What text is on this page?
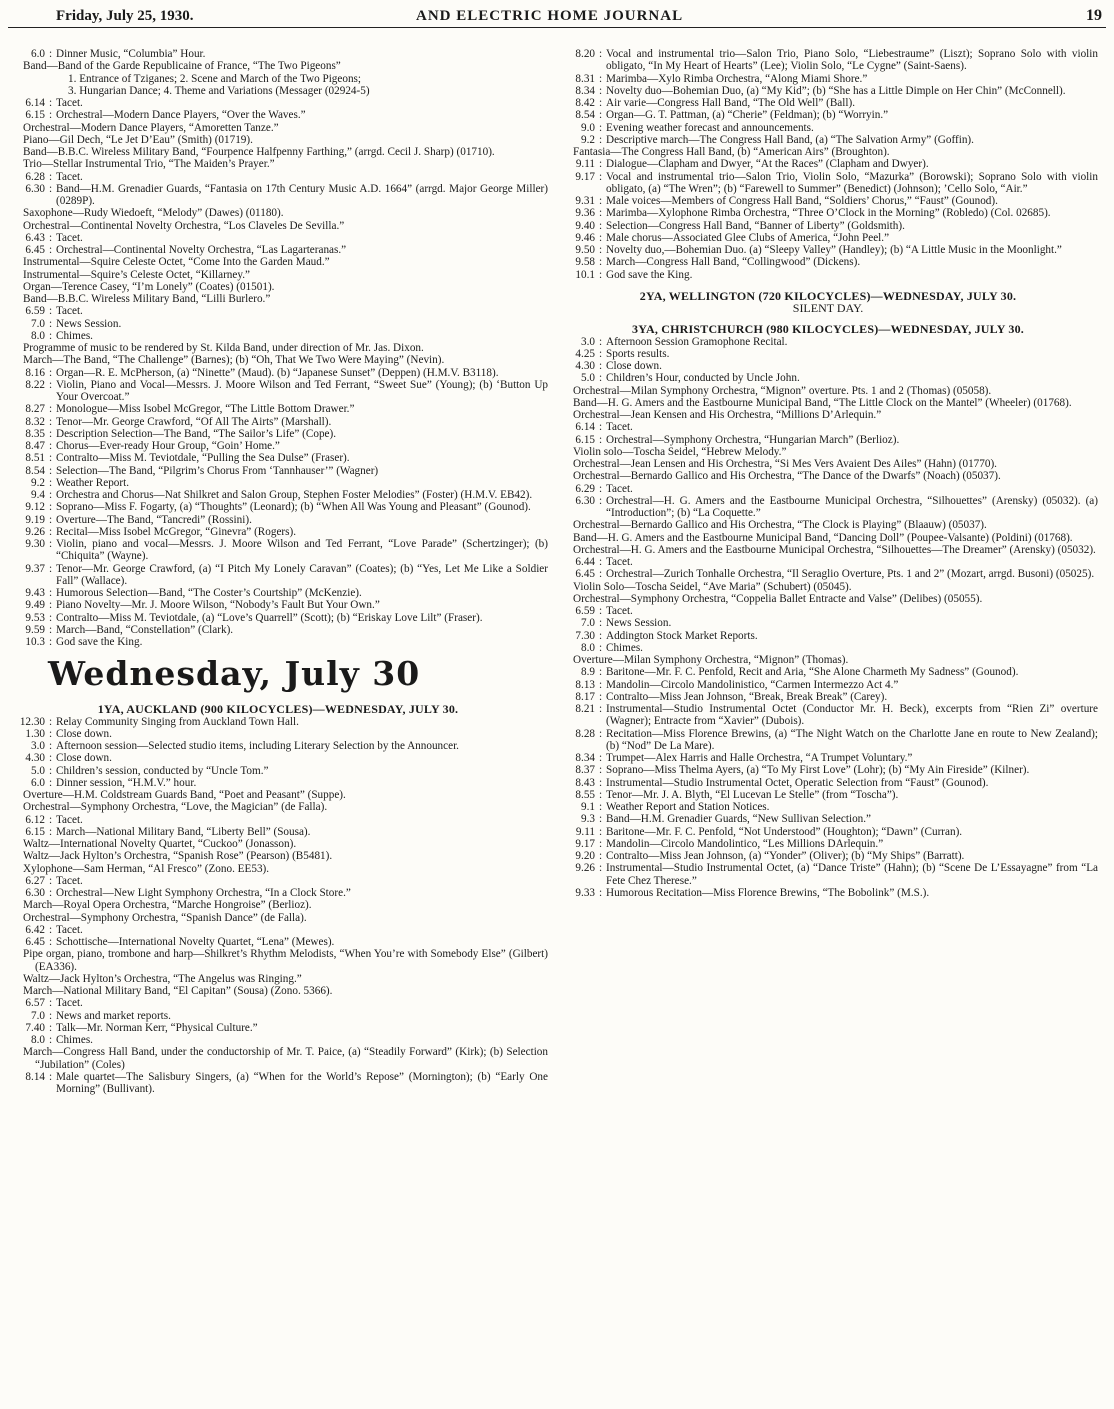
Friday, July 25, 1930.	AND ELECTRIC HOME JOURNAL	19
6.0 : Dinner Music, “Columbia” Hour.
Band—Band of the Garde Republicaine of France, “The Two Pigeons”
1. Entrance of Tziganes; 2. Scene and March of the Two Pigeons;
3. Hungarian Dance; 4. Theme and Variations (Messager (02924-5)
6.14 : Tacet.
6.15 : Orchestral—Modern Dance Players, “Over the Waves.”
Orchestral—Modern Dance Players, “Amoretten Tanze.”
Piano—Gil Dech, “Le Jet D’Eau” (Smith) (01719).
Band—B.B.C. Wireless Military Band, “Fourpence Halfpenny Farthing,” (arrgd. Cecil J. Sharp) (01710).
Trio—Stellar Instrumental Trio, “The Maiden’s Prayer.”
6.28 : Tacet.
6.30 : Band—H.M. Grenadier Guards, “Fantasia on 17th Century Music A.D. 1664” (arrgd. Major George Miller) (0289P).
Saxophone—Rudy Wiedoeft, “Melody” (Dawes) (01180).
Orchestral—Continental Novelty Orchestra, “Los Claveles De Sevilla.”
6.43 : Tacet.
6.45 : Orchestral—Continental Novelty Orchestra, “Las Lagarteranas.”
Instrumental—Squire Celeste Octet, “Come Into the Garden Maud.”
Instrumental—Squire’s Celeste Octet, “Killarney.”
Organ—Terence Casey, “I’m Lonely” (Coates) (01501).
Band—B.B.C. Wireless Military Band, “Lilli Burlero.”
6.59 : Tacet.
7.0 : News Session.
8.0 : Chimes.
Programme of music to be rendered by St. Kilda Band, under direction of Mr. Jas. Dixon.
March—The Band, “The Challenge” (Barnes); (b) “Oh, That We Two Were Maying” (Nevin).
8.16 : Organ—R. E. McPherson, (a) “Ninette” (Maud). (b) “Japanese Sunset” (Deppen) (H.M.V. B3118).
8.22 : Violin, Piano and Vocal—Messrs. J. Moore Wilson and Ted Ferrant, “Sweet Sue” (Young); (b) ‘Button Up Your Overcoat.”
8.27 : Monologue—Miss Isobel McGregor, “The Little Bottom Drawer.”
8.32 : Tenor—Mr. George Crawford, “Of All The Airts” (Marshall).
8.35 : Description Selection—The Band, “The Sailor’s Life” (Cope).
8.47 : Chorus—Ever-ready Hour Group, “Goin’ Home.”
8.51 : Contralto—Miss M. Teviotdale, “Pulling the Sea Dulse” (Fraser).
8.54 : Selection—The Band, “Pilgrim’s Chorus From ‘Tannhauser’” (Wagner)
9.2 : Weather Report.
9.4 : Orchestra and Chorus—Nat Shilkret and Salon Group, Stephen Foster Melodies” (Foster) (H.M.V. EB42).
9.12 : Soprano—Miss F. Fogarty, (a) “Thoughts” (Leonard); (b) “When All Was Young and Pleasant” (Gounod).
9.19 : Overture—The Band, “Tancredi” (Rossini).
9.26 : Recital—Miss Isobel McGregor, “Ginevra” (Rogers).
9.30 : Violin, piano and vocal—Messrs. J. Moore Wilson and Ted Ferrant, “Love Parade” (Schertzinger); (b) “Chiquita” (Wayne).
9.37 : Tenor—Mr. George Crawford, (a) “I Pitch My Lonely Caravan” (Coates); (b) “Yes, Let Me Like a Soldier Fall” (Wallace).
9.43 : Humorous Selection—Band, “The Coster’s Courtship” (McKenzie).
9.49 : Piano Novelty—Mr. J. Moore Wilson, “Nobody’s Fault But Your Own.”
9.53 : Contralto—Miss M. Teviotdale, (a) “Love’s Quarrell” (Scott); (b) “Eriskay Love Lilt” (Fraser).
9.59 : March—Band, “Constellation” (Clark).
10.3 : God save the King.
Wednesday, July 30
1YA, AUCKLAND (900 KILOCYCLES)—WEDNESDAY, JULY 30.
12.30 : Relay Community Singing from Auckland Town Hall.
1.30 : Close down.
3.0 : Afternoon session—Selected studio items, including Literary Selection by the Announcer.
4.30 : Close down.
5.0 : Children’s session, conducted by “Uncle Tom.”
6.0 : Dinner session, “H.M.V.” hour.
Overture—H.M. Coldstream Guards Band, “Poet and Peasant” (Suppe).
Orchestral—Symphony Orchestra, “Love, the Magician” (de Falla).
6.12 : Tacet.
6.15 : March—National Military Band, “Liberty Bell” (Sousa).
Waltz—International Novelty Quartet, “Cuckoo” (Jonasson).
Waltz—Jack Hylton’s Orchestra, “Spanish Rose” (Pearson) (B5481).
Xylophone—Sam Herman, “Al Fresco” (Zono. EE53).
6.27 : Tacet.
6.30 : Orchestral—New Light Symphony Orchestra, “In a Clock Store.”
March—Royal Opera Orchestra, “Marche Hongroise” (Berlioz).
Orchestral—Symphony Orchestra, “Spanish Dance” (de Falla).
6.42 : Tacet.
6.45 : Schottische—International Novelty Quartet, “Lena” (Mewes).
Pipe organ, piano, trombone and harp—Shilkret’s Rhythm Melodists, “When You’re with Somebody Else” (Gilbert) (EA336).
Waltz—Jack Hylton’s Orchestra, “The Angelus was Ringing.”
March—National Military Band, “El Capitan” (Sousa) (Zono. 5366).
6.57 : Tacet.
7.0 : News and market reports.
7.40 : Talk—Mr. Norman Kerr, “Physical Culture.”
8.0 : Chimes.
March—Congress Hall Band, under the conductorship of Mr. T. Paice, (a) “Steadily Forward” (Kirk); (b) Selection “Jubilation” (Coles)
8.14 : Male quartet—The Salisbury Singers, (a) “When for the World’s Repose” (Mornington); (b) “Early One Morning” (Bullivant).
8.20 : Vocal and instrumental trio—Salon Trio, Piano Solo, “Liebestraume” (Liszt); Soprano Solo with violin obligato, “In My Heart of Hearts” (Lee); Violin Solo, “Le Cygne” (Saint-Saens).
8.31 : Marimba—Xylo Rimba Orchestra, “Along Miami Shore.”
8.34 : Novelty duo—Bohemian Duo, (a) “My Kid”; (b) “She has a Little Dimple on Her Chin” (McConnell).
8.42 : Air varie—Congress Hall Band, “The Old Well” (Ball).
8.54 : Organ—G. T. Pattman, (a) “Cherie” (Feldman); (b) “Worryin.”
9.0 : Evening weather forecast and announcements.
9.2 : Descriptive march—The Congress Hall Band, (a) “The Salvation Army” (Goffin).
Fantasia—The Congress Hall Band, (b) “American Airs” (Broughton).
9.11 : Dialogue—Clapham and Dwyer, “At the Races” (Clapham and Dwyer).
9.17 : Vocal and instrumental trio—Salon Trio, Violin Solo, “Mazurka” (Borowski); Soprano Solo with violin obligato, (a) “The Wren”; (b) “Farewell to Summer” (Benedict) (Johnson); ’Cello Solo, “Air.”
9.31 : Male voices—Members of Congress Hall Band, “Soldiers’ Chorus,” “Faust” (Gounod).
9.36 : Marimba—Xylophone Rimba Orchestra, “Three O’Clock in the Morning” (Robledo) (Col. 02685).
9.40 : Selection—Congress Hall Band, “Banner of Liberty” (Goldsmith).
9.46 : Male chorus—Associated Glee Clubs of America, “John Peel.”
9.50 : Novelty duo,—Bohemian Duo. (a) “Sleepy Valley” (Handley); (b) “A Little Music in the Moonlight.”
9.58 : March—Congress Hall Band, “Collingwood” (Dickens).
10.1 : God save the King.
2YA, WELLINGTON (720 KILOCYCLES)—WEDNESDAY, JULY 30.
SILENT DAY.
3YA, CHRISTCHURCH (980 KILOCYCLES)—WEDNESDAY, JULY 30.
3.0 : Afternoon Session Gramophone Recital.
4.25 : Sports results.
4.30 : Close down.
5.0 : Children’s Hour, conducted by Uncle John.
Orchestral—Milan Symphony Orchestra, “Mignon” overture. Pts. 1 and 2 (Thomas) (05058).
Band—H. G. Amers and the Eastbourne Municipal Band, “The Little Clock on the Mantel” (Wheeler) (01768).
Orchestral—Jean Kensen and His Orchestra, “Millions D’Arlequin.”
6.14 : Tacet.
6.15 : Orchestral—Symphony Orchestra, “Hungarian March” (Berlioz).
Violin solo—Toscha Seidel, “Hebrew Melody.”
Orchestral—Jean Lensen and His Orchestra, “Si Mes Vers Avaient Des Ailes” (Hahn) (01770).
Orchestral—Bernardo Gallico and His Orchestra, “The Dance of the Dwarfs” (Noach) (05037).
6.29 : Tacet.
6.30 : Orchestral—H. G. Amers and the Eastbourne Municipal Orchestra, “Silhouettes” (Arensky) (05032). (a) “Introduction”; (b) “La Coquette.”
Orchestral—Bernardo Gallico and His Orchestra, “The Clock is Playing” (Blaauw) (05037).
Band—H. G. Amers and the Eastbourne Municipal Band, “Dancing Doll” (Poupee-Valsante) (Poldini) (01768).
Orchestral—H. G. Amers and the Eastbourne Municipal Orchestra, “Silhouettes—The Dreamer” (Arensky) (05032).
6.44 : Tacet.
6.45 : Orchestral—Zurich Tonhalle Orchestra, “Il Seraglio Overture, Pts. 1 and 2” (Mozart, arrgd. Busoni) (05025).
Violin Solo—Toscha Seidel, “Ave Maria” (Schubert) (05045).
Orchestral—Symphony Orchestra, “Coppelia Ballet Entracte and Valse” (Delibes) (05055).
6.59 : Tacet.
7.0 : News Session.
7.30 : Addington Stock Market Reports.
8.0 : Chimes.
Overture—Milan Symphony Orchestra, “Mignon” (Thomas).
8.9 : Baritone—Mr. F. C. Penfold, Recit and Aria, “She Alone Charmeth My Sadness” (Gounod).
8.13 : Mandolin—Circolo Mandolinistico, “Carmen Intermezzo Act 4.”
8.17 : Contralto—Miss Jean Johnson, “Break, Break Break” (Carey).
8.21 : Instrumental—Studio Instrumental Octet (Conductor Mr. H. Beck), excerpts from “Rien Zi” overture (Wagner); Entracte from “Xavier” (Dubois).
8.28 : Recitation—Miss Florence Brewins, (a) “The Night Watch on the Charlotte Jane en route to New Zealand); (b) “Nod” De La Mare).
8.34 : Trumpet—Alex Harris and Halle Orchestra, “A Trumpet Voluntary.”
8.37 : Soprano—Miss Thelma Ayers, (a) “To My First Love” (Lohr); (b) “My Ain Fireside” (Kilner).
8.43 : Instrumental—Studio Instrumental Octet, Operatic Selection from “Faust” (Gounod).
8.55 : Tenor—Mr. J. A. Blyth, “El Lucevan Le Stelle” (from “Toscha”).
9.1 : Weather Report and Station Notices.
9.3 : Band—H.M. Grenadier Guards, “New Sullivan Selection.”
9.11 : Baritone—Mr. F. C. Penfold, “Not Understood” (Houghton); “Dawn” (Curran).
9.17 : Mandolin—Circolo Mandolintico, “Les Millions DArlequin.”
9.20 : Contralto—Miss Jean Johnson, (a) “Yonder” (Oliver); (b) “My Ships” (Barratt).
9.26 : Instrumental—Studio Instrumental Octet, (a) “Dance Triste” (Hahn); (b) “Scene De L’Essayagne” from “La Fete Chez Therese.”
9.33 : Humorous Recitation—Miss Florence Brewins, “The Bobolink” (M.S.).
